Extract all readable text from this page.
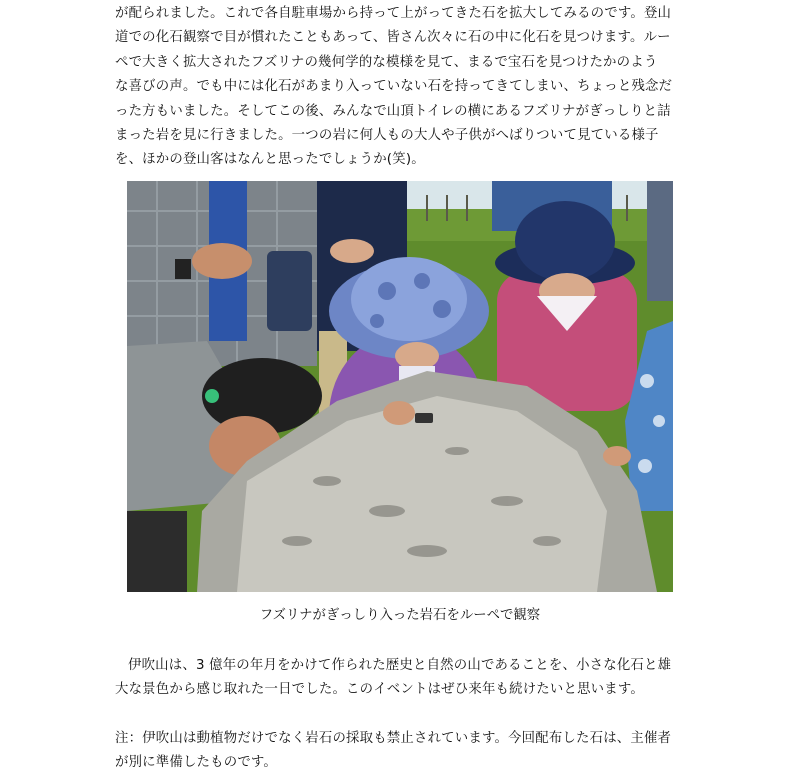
が配られました。これで各自駐車場から持って上がってきた石を拡大してみるのです。登山
道での化石観察で目が慣れたこともあって、皆さん次々に石の中に化石を見つけます。ルー
ペで大きく拡大されたフズリナの幾何学的な模様を見て、まるで宝石を見つけたかのよう
な喜びの声。でも中には化石があまり入っていない石を持ってきてしまい、ちょっと残念だ
った方もいました。そしてこの後、みんなで山頂トイレの横にあるフズリナがぎっしりと詰
まった岩を見に行きました。一つの岩に何人もの大人や子供がへばりついて見ている様子
を、ほかの登山客はなんと思ったでしょうか(笑)。
フズリナがぎっしり入った岩石をルーペで観察
伊吹山は、3 億年の年月をかけて作られた歴史と自然の山であることを、小さな化石と雄
大な景色から感じ取れた一日でした。このイベントはぜひ来年も続けたいと思います。
注：伊吹山は動植物だけでなく岩石の採取も禁止されています。今回配布した石は、主催者
が別に準備したものです。
